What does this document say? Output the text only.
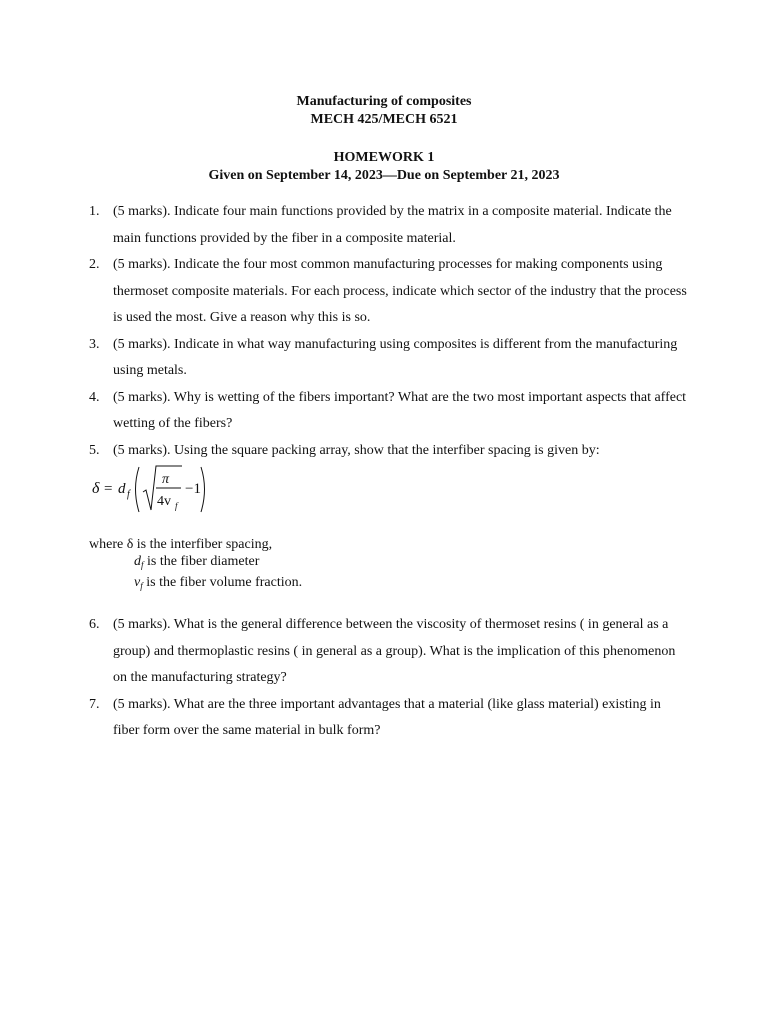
Manufacturing of composites
MECH 425/MECH 6521
HOMEWORK 1
Given on September 14, 2023—Due on September 21, 2023
1. (5 marks). Indicate four main functions provided by the matrix in a composite material. Indicate the main functions provided by the fiber in a composite material.
2. (5 marks). Indicate the four most common manufacturing processes for making components using thermoset composite materials. For each process, indicate which sector of the industry that the process is used the most. Give a reason why this is so.
3. (5 marks). Indicate in what way manufacturing using composites is different from the manufacturing using metals.
4. (5 marks). Why is wetting of the fibers important? What are the two most important aspects that affect wetting of the fibers?
5. (5 marks). Using the square packing array, show that the interfiber spacing is given by:
δ = d f
π
4v f
−1
where δ is the interfiber spacing,
$d_f$ is the fiber diameter
$v_f$ is the fiber volume fraction.
6. (5 marks). What is the general difference between the viscosity of thermoset resins ( in general as a group) and thermoplastic resins ( in general as a group). What is the implication of this phenomenon on the manufacturing strategy?
7. (5 marks). What are the three important advantages that a material (like glass material) existing in fiber form over the same material in bulk form?
